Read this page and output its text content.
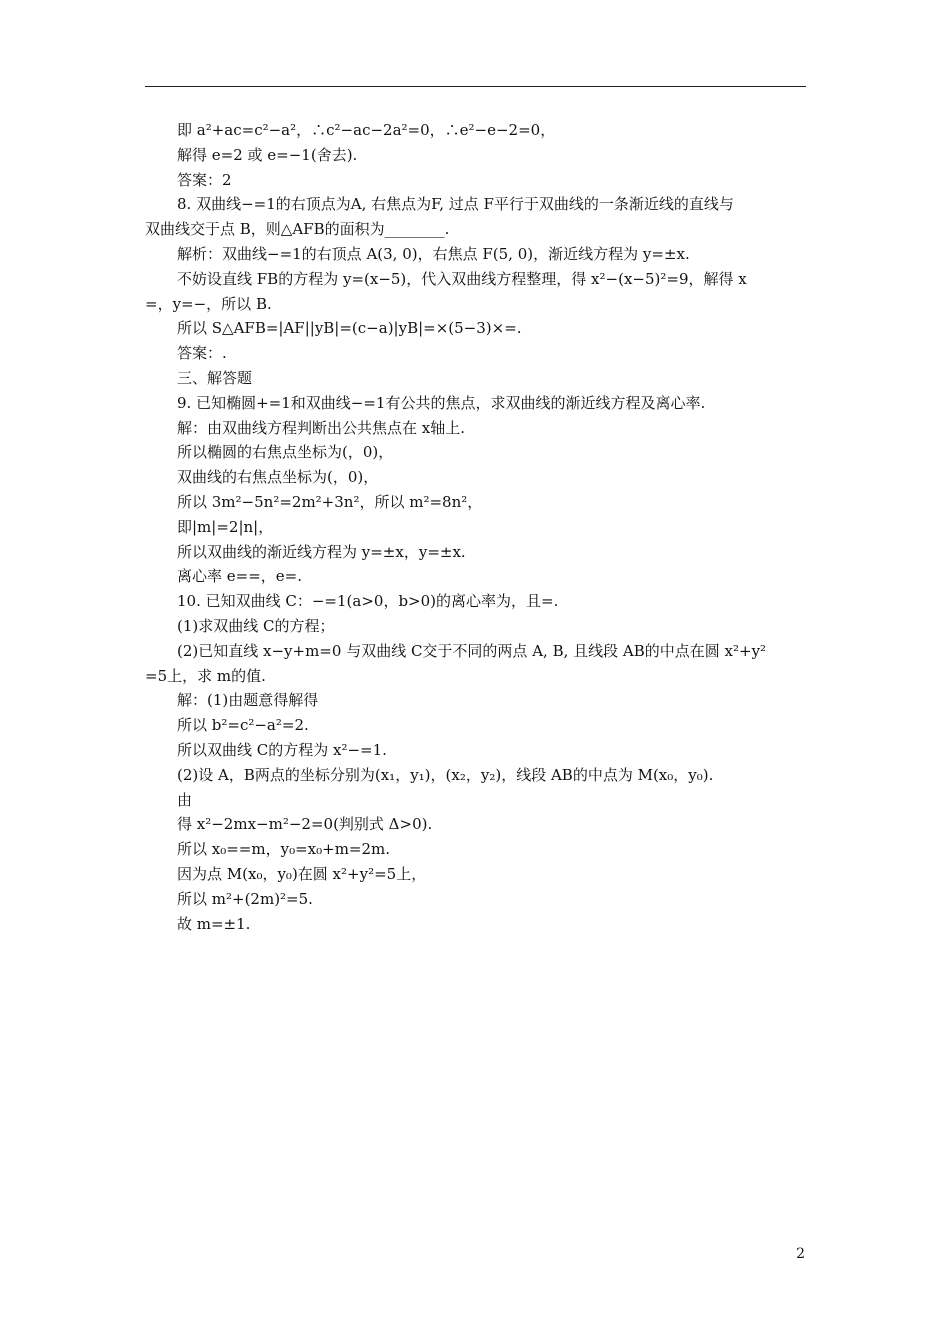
即 a²+ac=c²−a²，∴c²−ac−2a²=0，∴e²−e−2=0，
解得 e=2 或 e=−1(舍去).
答案：2
8. 双曲线−=1的右顶点为A, 右焦点为F, 过点 F平行于双曲线的一条渐近线的直线与
双曲线交于点 B，则△AFB的面积为________.
解析：双曲线−=1的右顶点 A(3, 0)，右焦点 F(5, 0)，渐近线方程为 y=±x.
不妨设直线 FB的方程为 y=(x−5)，代入双曲线方程整理，得 x²−(x−5)²=9，解得 x
=，y=−，所以 B.
所以 S△AFB=|AF||yB|=(c−a)|yB|=×(5−3)×=.
答案：.
三、解答题
9. 已知椭圆+=1和双曲线−=1有公共的焦点，求双曲线的渐近线方程及离心率.
解：由双曲线方程判断出公共焦点在 x轴上.
所以椭圆的右焦点坐标为(，0)，
双曲线的右焦点坐标为(，0)，
所以 3m²−5n²=2m²+3n²，所以 m²=8n²，
即|m|=2|n|，
所以双曲线的渐近线方程为 y=±x，y=±x.
离心率 e==，e=.
10. 已知双曲线 C：−=1(a>0，b>0)的离心率为，且=.
(1)求双曲线 C的方程；
(2)已知直线 x−y+m=0 与双曲线 C交于不同的两点 A, B, 且线段 AB的中点在圆 x²+y²
=5上，求 m的值.
解：(1)由题意得解得
所以 b²=c²−a²=2.
所以双曲线 C的方程为 x²−=1.
(2)设 A，B两点的坐标分别为(x₁，y₁)，(x₂，y₂)，线段 AB的中点为 M(x₀，y₀).
由
得 x²−2mx−m²−2=0(判别式 Δ>0).
所以 x₀==m，y₀=x₀+m=2m.
因为点 M(x₀，y₀)在圆 x²+y²=5上，
所以 m²+(2m)²=5.
故 m=±1.
2
